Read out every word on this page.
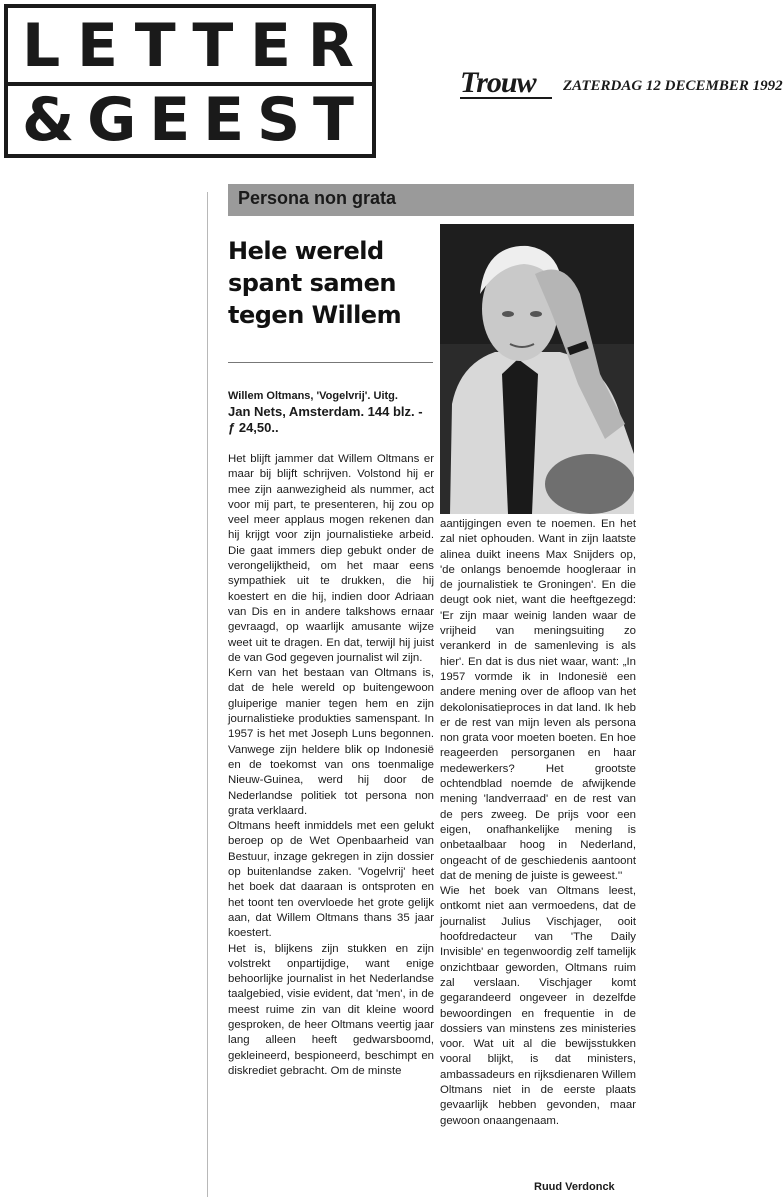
L E T T E R
& G E E S T
Trouw ZATERDAG 12 DECEMBER 1992
Persona non grata
Hele wereld
spant samen
tegen Willem
Willem Oltmans, 'Vogelvrij'. Uitg.
Jan Nets, Amsterdam. 144 blz. -
ƒ 24,50..

Het blijft jammer dat Willem Oltmans er maar bij blijft schrijven. Volstond hij er mee zijn aanwezigheid als nummer, act voor mij part, te presenteren, hij zou op veel meer applaus mogen rekenen dan hij krijgt voor zijn journalistieke arbeid. Die gaat immers diep gebukt onder de verongelijktheid, om het maar eens sympathiek uit te drukken, die hij koestert en die hij, indien door Adriaan van Dis en in andere talkshows ernaar gevraagd, op waarlijk amusante wijze weet uit te dragen. En dat, terwijl hij juist de van God gegeven journalist wil zijn.

Kern van het bestaan van Oltmans is, dat de hele wereld op buitengewoon gluiperige manier tegen hem en zijn journalistieke produkties samenspant. In 1957 is het met Joseph Luns begonnen. Vanwege zijn heldere blik op Indonesië en de toekomst van ons toenmalige Nieuw-Guinea, werd hij door de Nederlandse politiek tot persona non grata verklaard.

Oltmans heeft inmiddels met een gelukt beroep op de Wet Openbaarheid van Bestuur, inzage gekregen in zijn dossier op buitenlandse zaken. 'Vogelvrij' heet het boek dat daaraan is ontsproten en het toont ten overvloede het grote gelijk aan, dat Willem Oltmans thans 35 jaar koestert.

Het is, blijkens zijn stukken en zijn volstrekt onpartijdige, want enige behoorlijke journalist in het Nederlandse taalgebied, visie evident, dat 'men', in de meest ruime zin van dit kleine woord gesproken, de heer Oltmans veertig jaar lang alleen heeft gedwarsboomd, gekleineerd, bespioneerd, beschimpt en diskrediet gebracht. Om de minste

aantijgingen even te noemen. En het zal niet ophouden. Want in zijn laatste alinea duikt ineens Max Snijders op, 'de onlangs benoemde hoogleraar in de journalistiek te Groningen'. En die deugt ook niet, want die heeftgezegd: 'Er zijn maar weinig landen waar de vrijheid van meningsuiting zo verankerd in de samenleving is als hier'. En dat is dus niet waar, want: „In 1957 vormde ik in Indonesië een andere mening over de afloop van het dekolonisatieproces in dat land. Ik heb er de rest van mijn leven als persona non grata voor moeten boeten. En hoe reageerden persorganen en haar medewerkers? Het grootste ochtendblad noemde de afwijkende mening 'landverraad' en de rest van de pers zweeg. De prijs voor een eigen, onafhankelijke mening is onbetaalbaar hoog in Nederland, ongeacht of de geschiedenis aantoont dat de mening de juiste is geweest.''

Wie het boek van Oltmans leest, ontkomt niet aan vermoedens, dat de journalist Julius Vischjager, ooit hoofdredacteur van 'The Daily Invisible' en tegenwoordig zelf tamelijk onzichtbaar geworden, Oltmans ruim zal verslaan. Vischjager komt gegarandeerd ongeveer in dezelfde bewoordingen en frequentie in de dossiers van minstens zes ministeries voor. Wat uit al die bewijsstukken vooral blijkt, is dat ministers, ambassadeurs en rijksdienaren Willem Oltmans niet in de eerste plaats gevaarlijk hebben gevonden, maar gewoon onaangenaam.

Ruud Verdonck
